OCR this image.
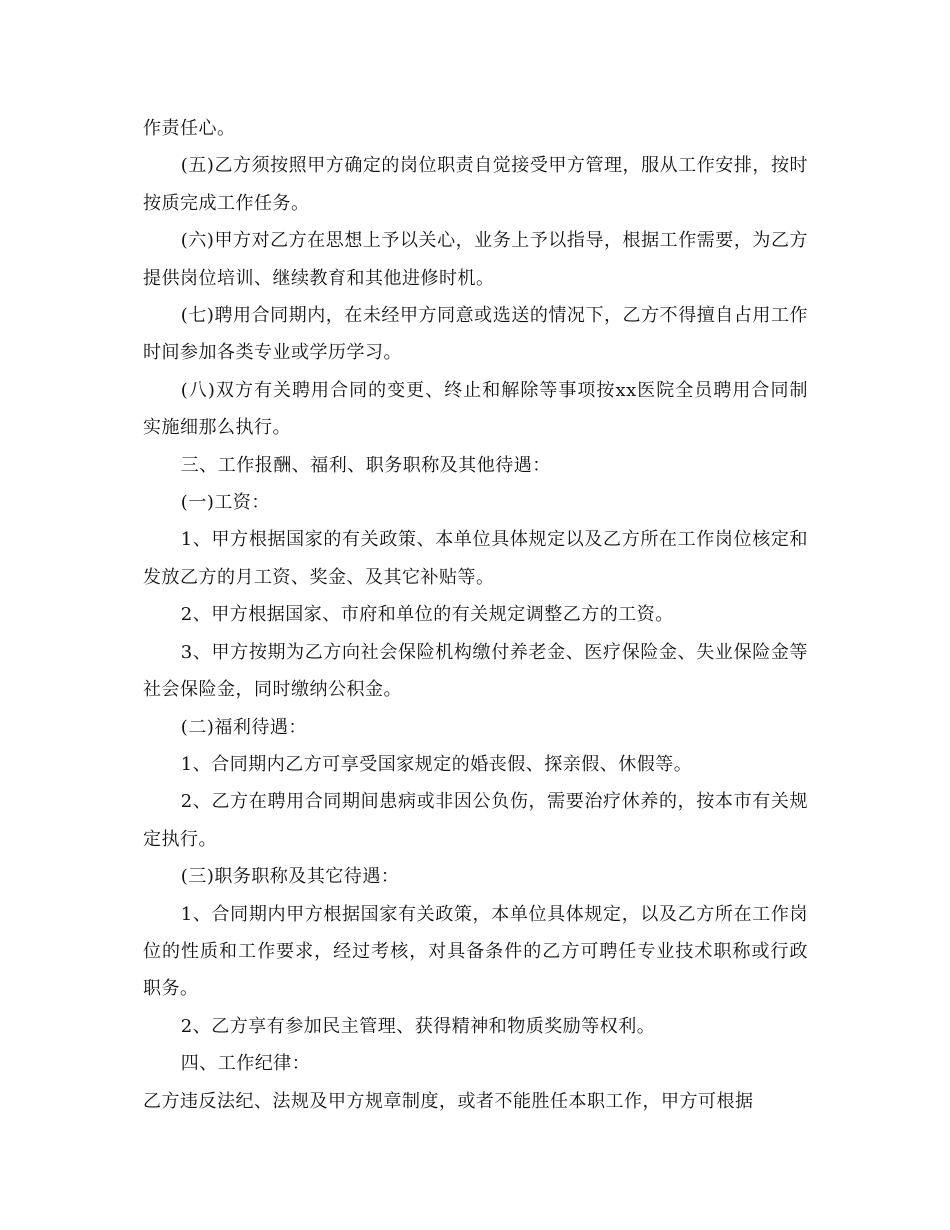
作责任心。

(五)乙方须按照甲方确定的岗位职责自觉接受甲方管理，服从工作安排，按时按质完成工作任务。

(六)甲方对乙方在思想上予以关心，业务上予以指导，根据工作需要，为乙方提供岗位培训、继续教育和其他进修时机。

(七)聘用合同期内，在未经甲方同意或选送的情况下，乙方不得擅自占用工作时间参加各类专业或学历学习。

(八)双方有关聘用合同的变更、终止和解除等事项按xx医院全员聘用合同制实施细那么执行。

三、工作报酬、福利、职务职称及其他待遇：

(一)工资：

1、甲方根据国家的有关政策、本单位具体规定以及乙方所在工作岗位核定和发放乙方的月工资、奖金、及其它补贴等。

2、甲方根据国家、市府和单位的有关规定调整乙方的工资。

3、甲方按期为乙方向社会保险机构缴付养老金、医疗保险金、失业保险金等社会保险金，同时缴纳公积金。

(二)福利待遇：

1、合同期内乙方可享受国家规定的婚丧假、探亲假、休假等。

2、乙方在聘用合同期间患病或非因公负伤，需要治疗休养的，按本市有关规定执行。

(三)职务职称及其它待遇：

1、合同期内甲方根据国家有关政策，本单位具体规定，以及乙方所在工作岗位的性质和工作要求，经过考核，对具备条件的乙方可聘任专业技术职称或行政职务。

2、乙方享有参加民主管理、获得精神和物质奖励等权利。

四、工作纪律：

乙方违反法纪、法规及甲方规章制度，或者不能胜任本职工作，甲方可根据
